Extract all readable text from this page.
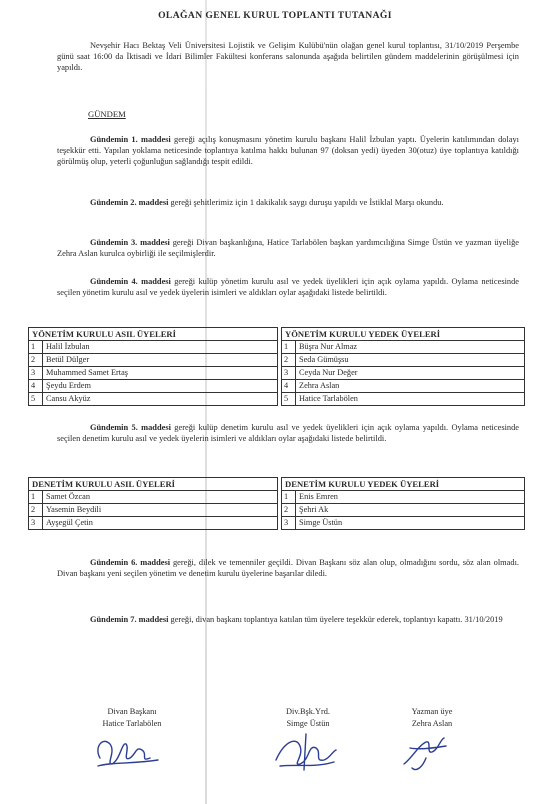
OLAĞAN GENEL KURUL TOPLANTI TUTANAĞI
Nevşehir Hacı Bektaş Veli Üniversitesi Lojistik ve Gelişim Kulübü'nün olağan genel kurul toplantısı, 31/10/2019 Perşembe günü saat 16:00 da İktisadi ve İdari Bilimler Fakültesi konferans salonunda aşağıda belirtilen gündem maddelerinin görüşülmesi için yapıldı.
GÜNDEM
Gündemin 1. maddesi gereği açılış konuşmasını yönetim kurulu başkanı Halil İzbulan yaptı. Üyelerin katılımından dolayı teşekkür etti. Yapılan yoklama neticesinde toplantıya katılma hakkı bulunan 97 (doksan yedi) üyeden 30(otuz) üye toplantıya katıldığı görülmüş olup, yeterli çoğunluğun sağlandığı tespit edildi.
Gündemin 2. maddesi gereği şehitlerimiz için 1 dakikalık saygı duruşu yapıldı ve İstiklal Marşı okundu.
Gündemin 3. maddesi gereği Divan başkanlığına, Hatice Tarlabölen başkan yardımcılığına Simge Üstün ve yazman üyeliğe Zehra Aslan kurulca oybirliği ile seçilmişlerdir.
Gündemin 4. maddesi gereği kulüp yönetim kurulu asıl ve yedek üyelikleri için açık oylama yapıldı. Oylama neticesinde seçilen yönetim kurulu asıl ve yedek üyelerin isimleri ve aldıkları oylar aşağıdaki listede belirtildi.
YÖNETİM KURULU ASIL ÜYELERİ	
1	Halil İzbulan
2	Betül Dülger
3	Muhammed Samet Ertaş
4	Şeydu Erdem
5	Cansu Akyüz
YÖNETİM KURULU YEDEK ÜYELERİ	
1	Büşra Nur Almaz
2	Seda Gümüşsu
3	Ceyda Nur Değer
4	Zehra Aslan
5	Hatice Tarlabölen
Gündemin 5. maddesi gereği kulüp denetim kurulu asıl ve yedek üyelikleri için açık oylama yapıldı. Oylama neticesinde seçilen denetim kurulu asıl ve yedek üyelerin isimleri ve aldıkları oylar aşağıdaki listede belirtildi.
DENETİM KURULU ASIL ÜYELERİ	
1	Samet Özcan
2	Yasemin Beydili
3	Ayşegül Çetin
DENETİM KURULU YEDEK ÜYELERİ	
1	Enis Emren
2	Şehri Ak
3	Simge Üstün
Gündemin 6. maddesi gereği, dilek ve temenniler geçildi. Divan Başkanı söz alan olup, olmadığını sordu, söz alan olmadı. Divan başkanı yeni seçilen yönetim ve denetim kurulu üyelerine başarılar diledi.
Gündemin 7. maddesi gereği, divan başkanı toplantıya katılan tüm üyelere teşekkür ederek, toplantıyı kapattı. 31/10/2019
Divan Başkanı
Hatice Tarlabölen
Div.Bşk.Yrd.
Simge Üstün
Yazman üye
Zehra Aslan
